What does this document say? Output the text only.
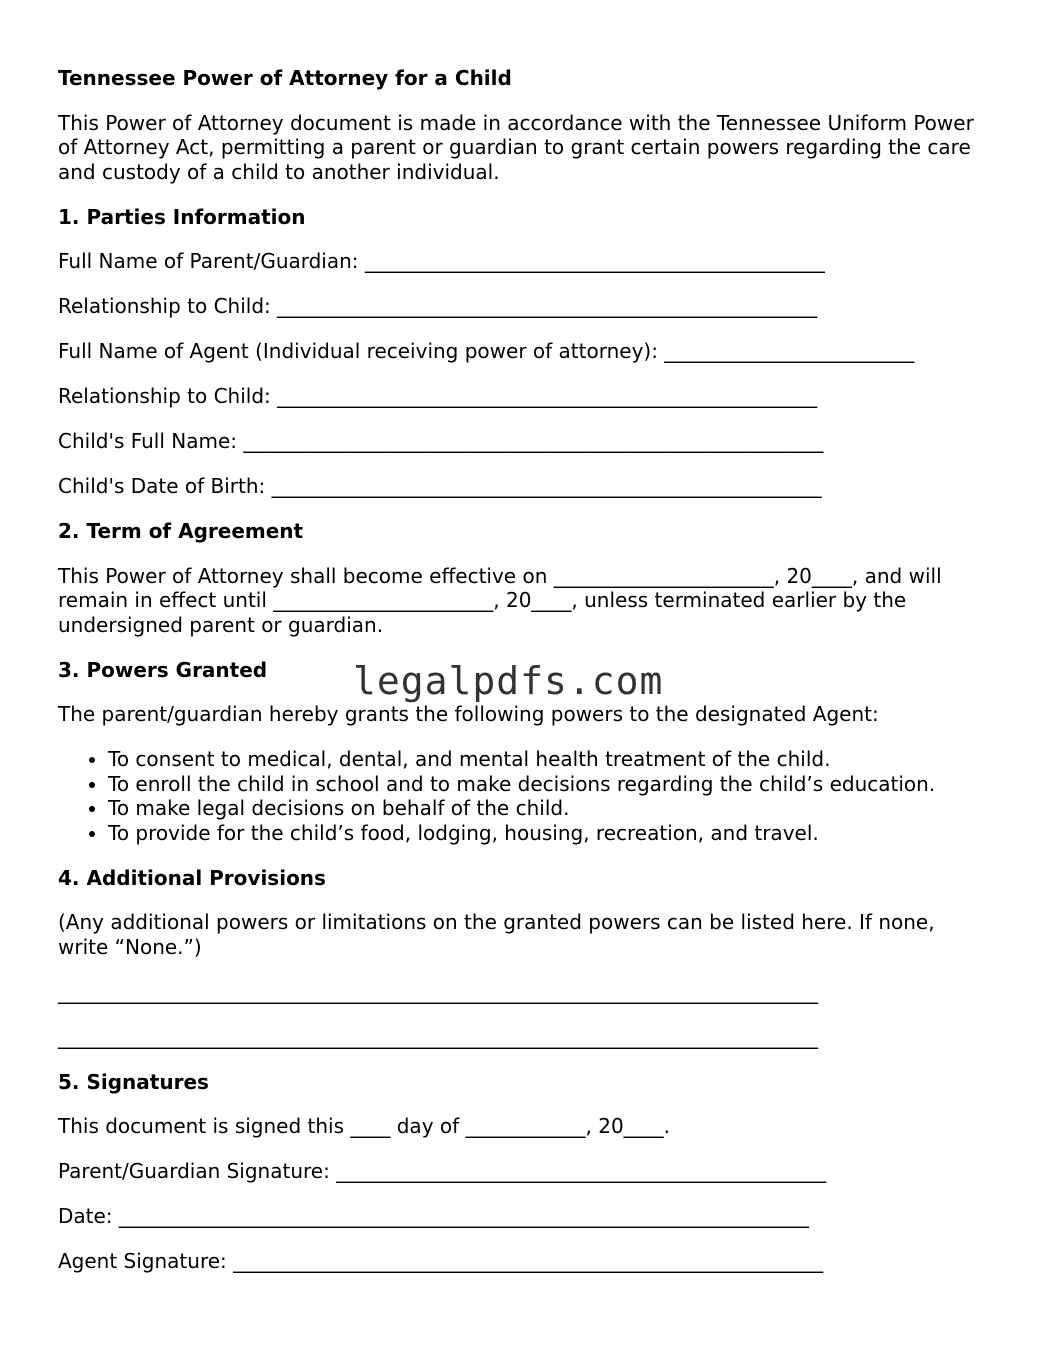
legalpdfs.com
Tennessee Power of Attorney for a Child

This Power of Attorney document is made in accordance with the Tennessee Uniform Power of Attorney Act, permitting a parent or guardian to grant certain powers regarding the care and custody of a child to another individual.

1. Parties Information
Full Name of Parent/Guardian: ______________________________________________
Relationship to Child: ______________________________________________________
Full Name of Agent (Individual receiving power of attorney): _________________________
Relationship to Child: ______________________________________________________
Child's Full Name: __________________________________________________________
Child's Date of Birth: _______________________________________________________
2. Term of Agreement

This Power of Attorney shall become effective on ______________________, 20____, and will remain in effect until ______________________, 20____, unless terminated earlier by the undersigned parent or guardian.

3. Powers Granted

The parent/guardian hereby grants the following powers to the designated Agent:

• To consent to medical, dental, and mental health treatment of the child.
• To enroll the child in school and to make decisions regarding the child’s education.
• To make legal decisions on behalf of the child.
• To provide for the child’s food, lodging, housing, recreation, and travel.
4. Additional Provisions

(Any additional powers or limitations on the granted powers can be listed here. If none, write “None.”)

____________________________________________________________________________
____________________________________________________________________________
5. Signatures
This document is signed this ____ day of ____________, 20____.
Parent/Guardian Signature: _________________________________________________
Date: _____________________________________________________________________
Agent Signature: ___________________________________________________________
